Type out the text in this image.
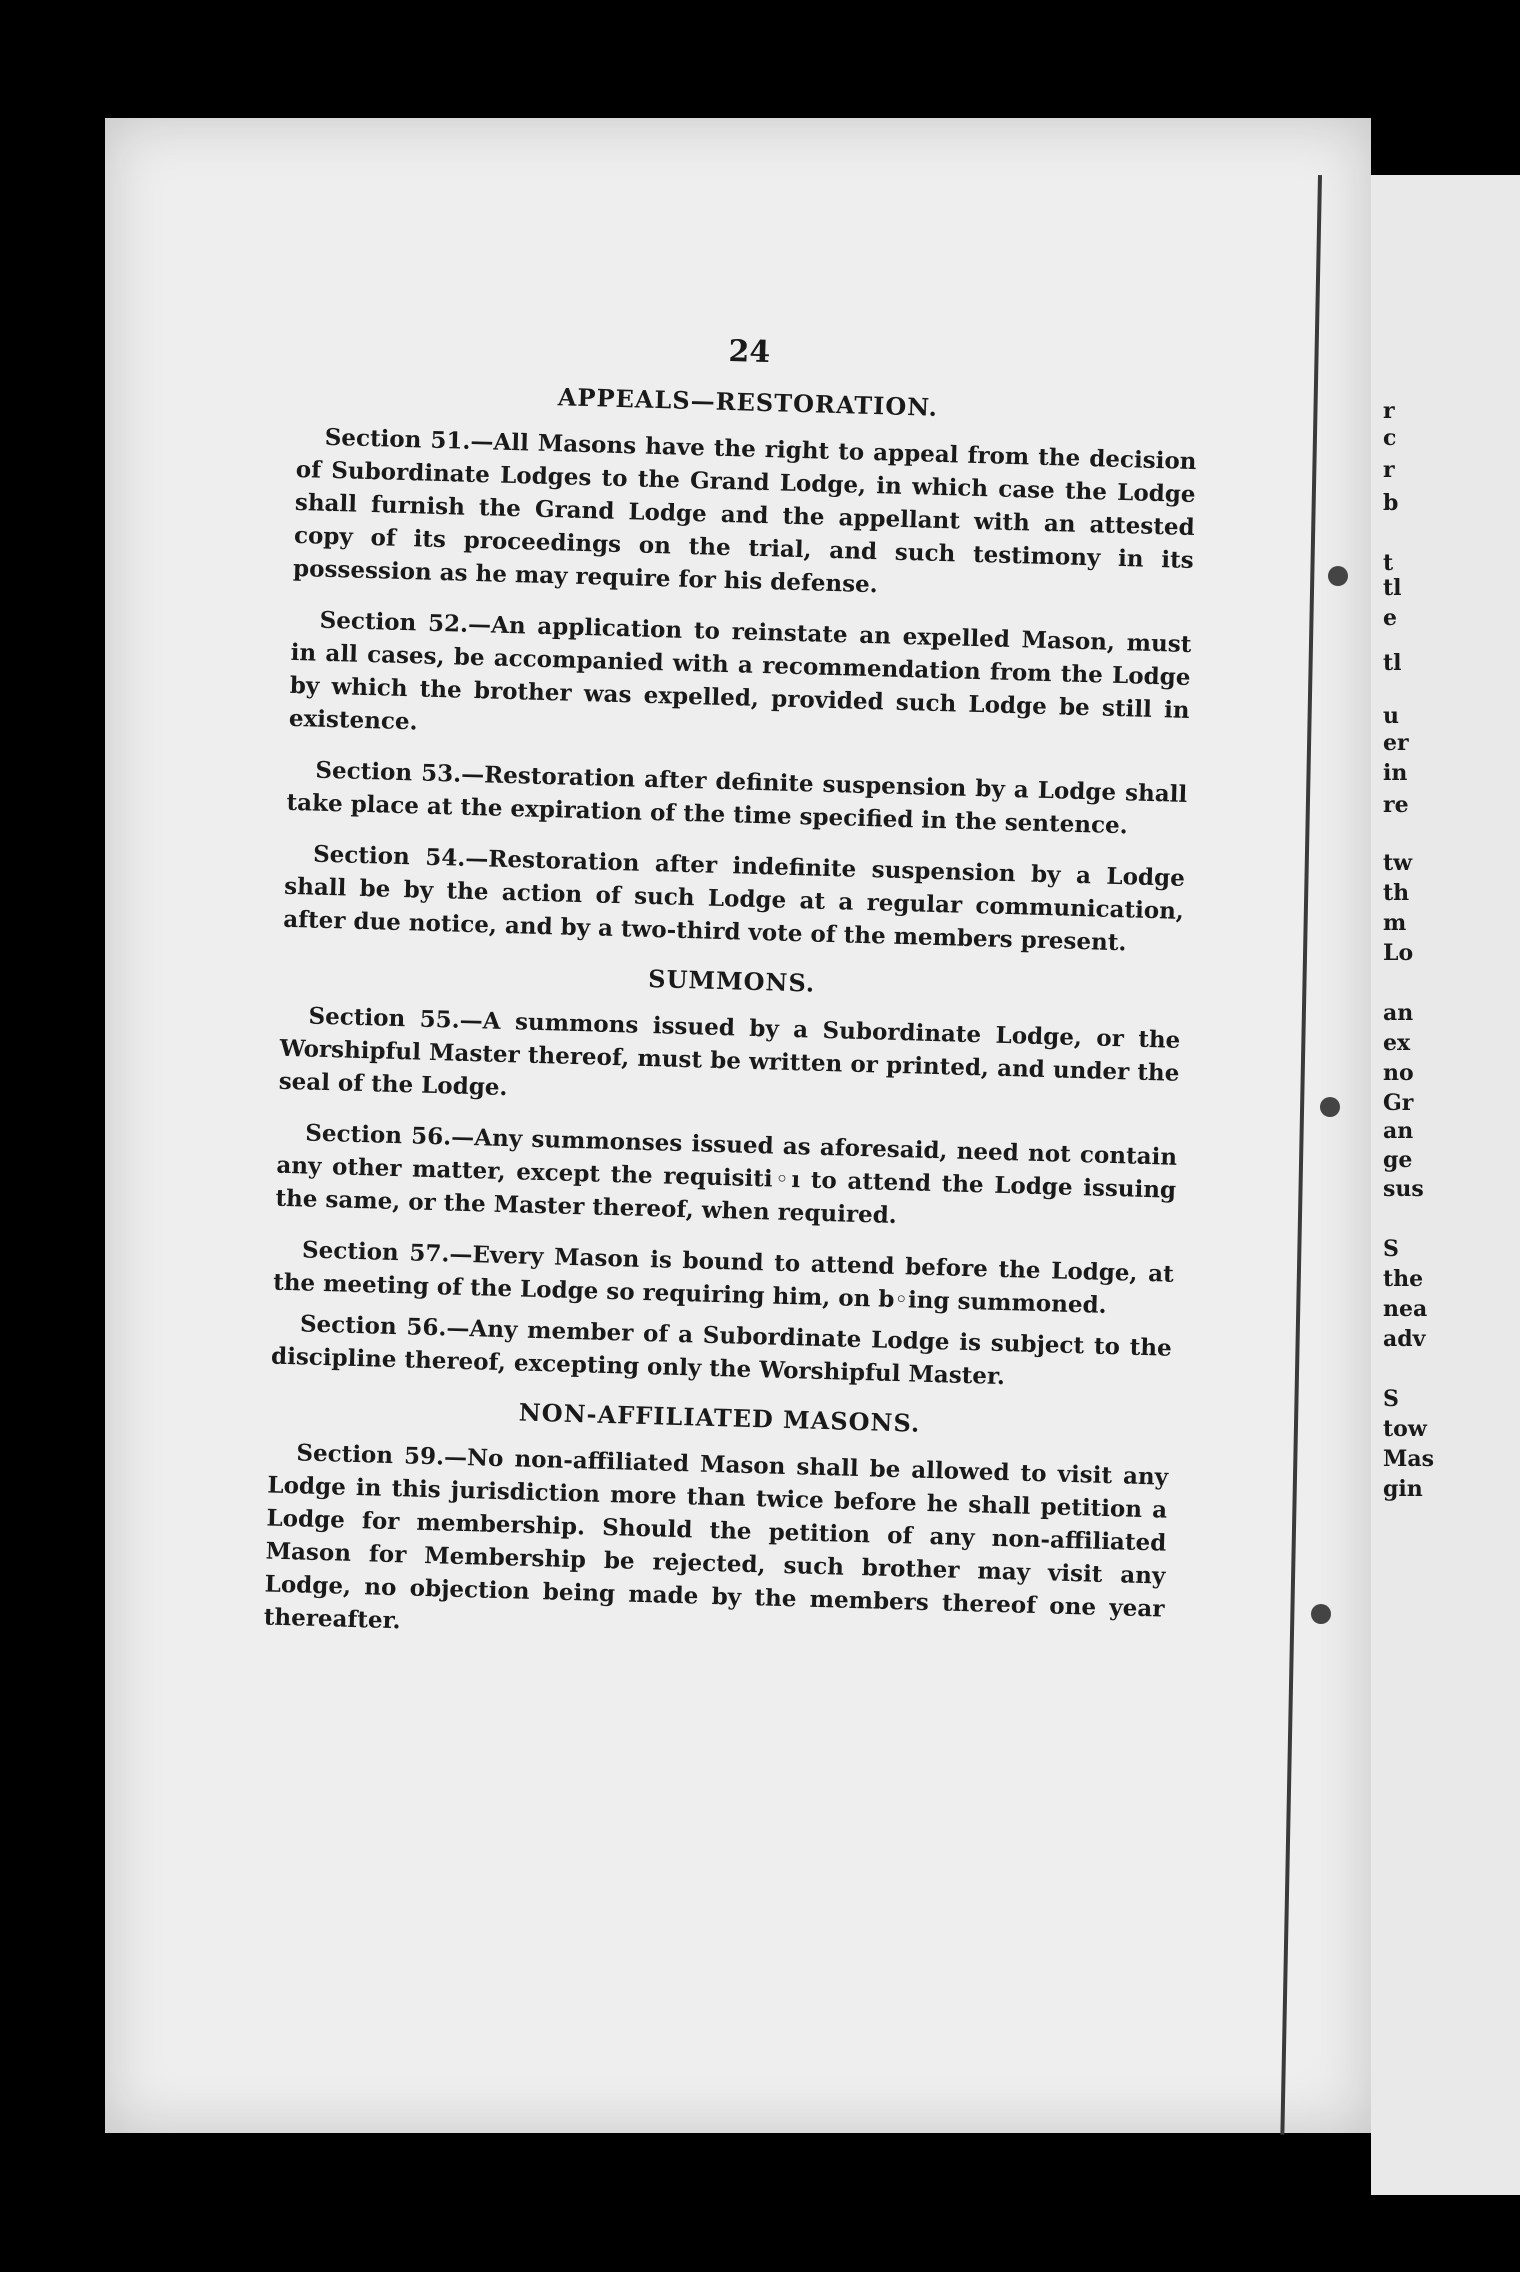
r
c
r
b
t
tl
e
tl
u
er
in
re
tw
th
m
Lo
an
ex
no
Gr
an
ge
sus
S
the
nea
adv
S
tow
Mas
gin
24
APPEALS—RESTORATION.

Section 51.—All Masons have the right to appeal from the decision of Subordinate Lodges to the Grand Lodge, in which case the Lodge shall furnish the Grand Lodge and the appellant with an attested copy of its proceedings on the trial, and such testimony in its possession as he may require for his defense.

Section 52.—An application to reinstate an expelled Mason, must in all cases, be accompanied with a recommendation from the Lodge by which the brother was expelled, provided such Lodge be still in existence.

Section 53.—Restoration after definite suspension by a Lodge shall take place at the expiration of the time specified in the sentence.

Section 54.—Restoration after indefinite suspension by a Lodge shall be by the action of such Lodge at a regular communication, after due notice, and by a two-third vote of the members present.

SUMMONS.

Section 55.—A summons issued by a Subordinate Lodge, or the Worshipful Master thereof, must be written or printed, and under the seal of the Lodge.

Section 56.—Any summonses issued as aforesaid, need not contain any other matter, except the requisiti◦ı to attend the Lodge issuing the same, or the Master thereof, when required.

Section 57.—Every Mason is bound to attend before the Lodge, at the meeting of the Lodge so requiring him, on b◦ing summoned.

Section 56.—Any member of a Subordinate Lodge is subject to the discipline thereof, excepting only the Worshipful Master.

NON-AFFILIATED MASONS.

Section 59.—No non-affiliated Mason shall be allowed to visit any Lodge in this jurisdiction more than twice before he shall petition a Lodge for membership. Should the petition of any non-affiliated Mason for Membership be rejected, such brother may visit any Lodge, no objection being made by the members thereof one year thereafter.
